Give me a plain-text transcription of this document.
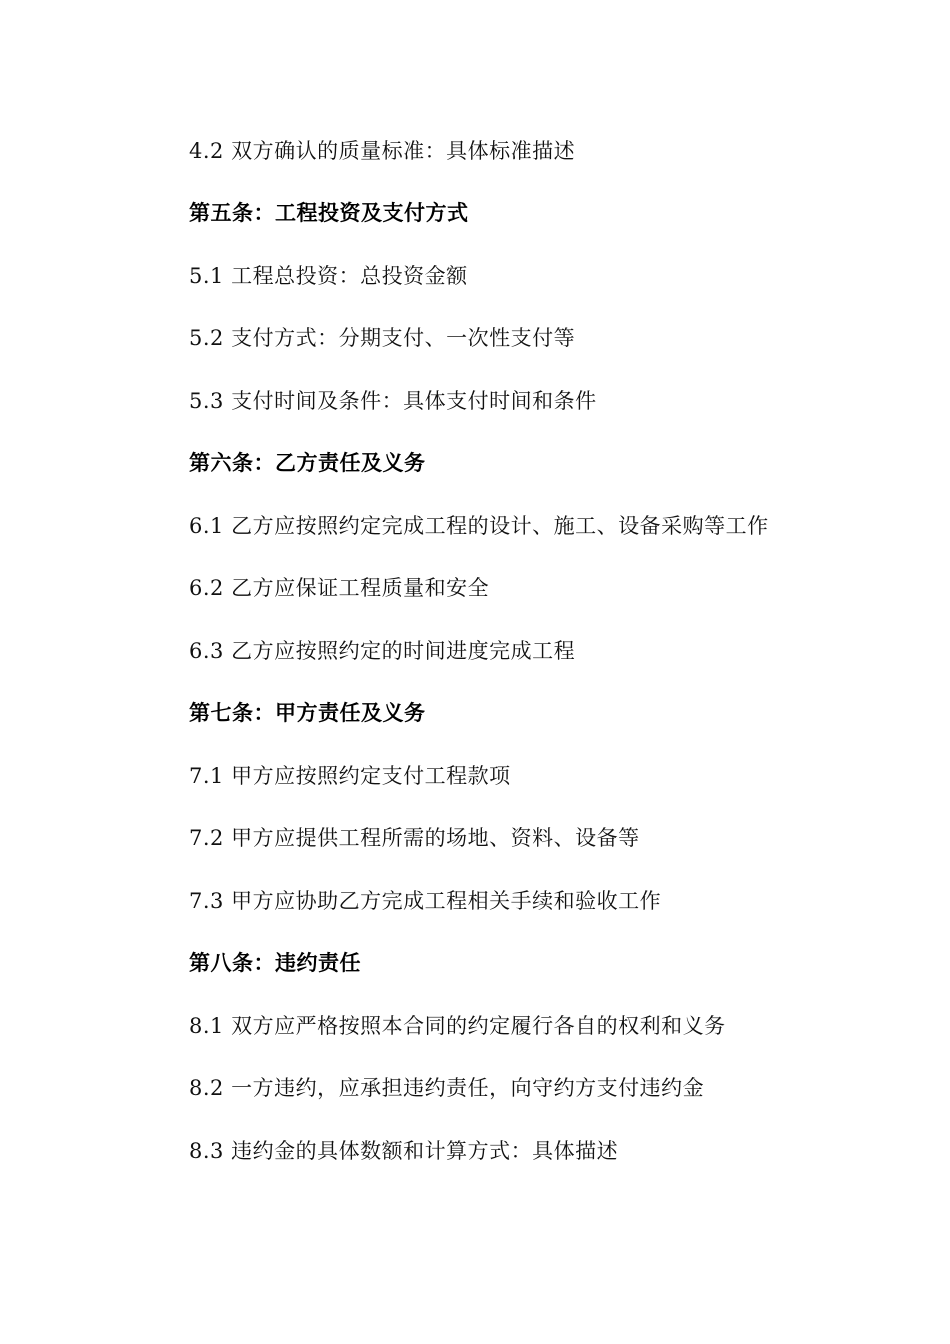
4.2 双方确认的质量标准：具体标准描述
第五条：工程投资及支付方式
5.1 工程总投资：总投资金额
5.2 支付方式：分期支付、一次性支付等
5.3 支付时间及条件：具体支付时间和条件
第六条：乙方责任及义务
6.1 乙方应按照约定完成工程的设计、施工、设备采购等工作
6.2 乙方应保证工程质量和安全
6.3 乙方应按照约定的时间进度完成工程
第七条：甲方责任及义务
7.1 甲方应按照约定支付工程款项
7.2 甲方应提供工程所需的场地、资料、设备等
7.3 甲方应协助乙方完成工程相关手续和验收工作
第八条：违约责任
8.1 双方应严格按照本合同的约定履行各自的权利和义务
8.2 一方违约，应承担违约责任，向守约方支付违约金
8.3 违约金的具体数额和计算方式：具体描述
